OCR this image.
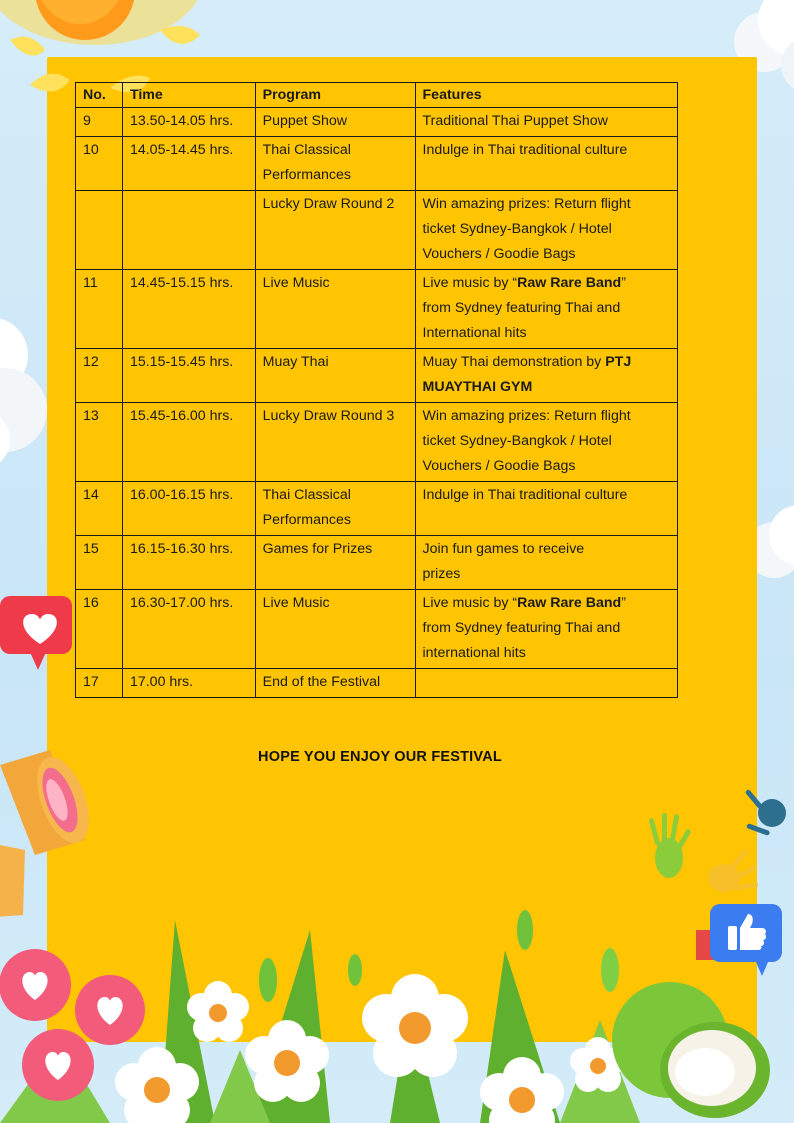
No.	Time	Program	Features
9	13.50-14.05 hrs.	Puppet Show	Traditional Thai Puppet Show
10	14.05-14.45 hrs.	Thai Classical Performances	Indulge in Thai traditional culture
		Lucky Draw Round 2	Win amazing prizes: Return flight ticket Sydney-Bangkok / Hotel Vouchers / Goodie Bags
11	14.45-15.15 hrs.	Live Music	Live music by “Raw Rare Band” from Sydney featuring Thai and International hits
12	15.15-15.45 hrs.	Muay Thai	Muay Thai demonstration by PTJ MUAYTHAI GYM
13	15.45-16.00 hrs.	Lucky Draw Round 3	Win amazing prizes: Return flight ticket Sydney-Bangkok / Hotel Vouchers / Goodie Bags
14	16.00-16.15 hrs.	Thai Classical Performances	Indulge in Thai traditional culture
15	16.15-16.30 hrs.	Games for Prizes	Join fun games to receive prizes
16	16.30-17.00 hrs.	Live Music	Live music by “Raw Rare Band” from Sydney featuring Thai and international hits
17	17.00 hrs.	End of the Festival	
HOPE YOU ENJOY OUR FESTIVAL
